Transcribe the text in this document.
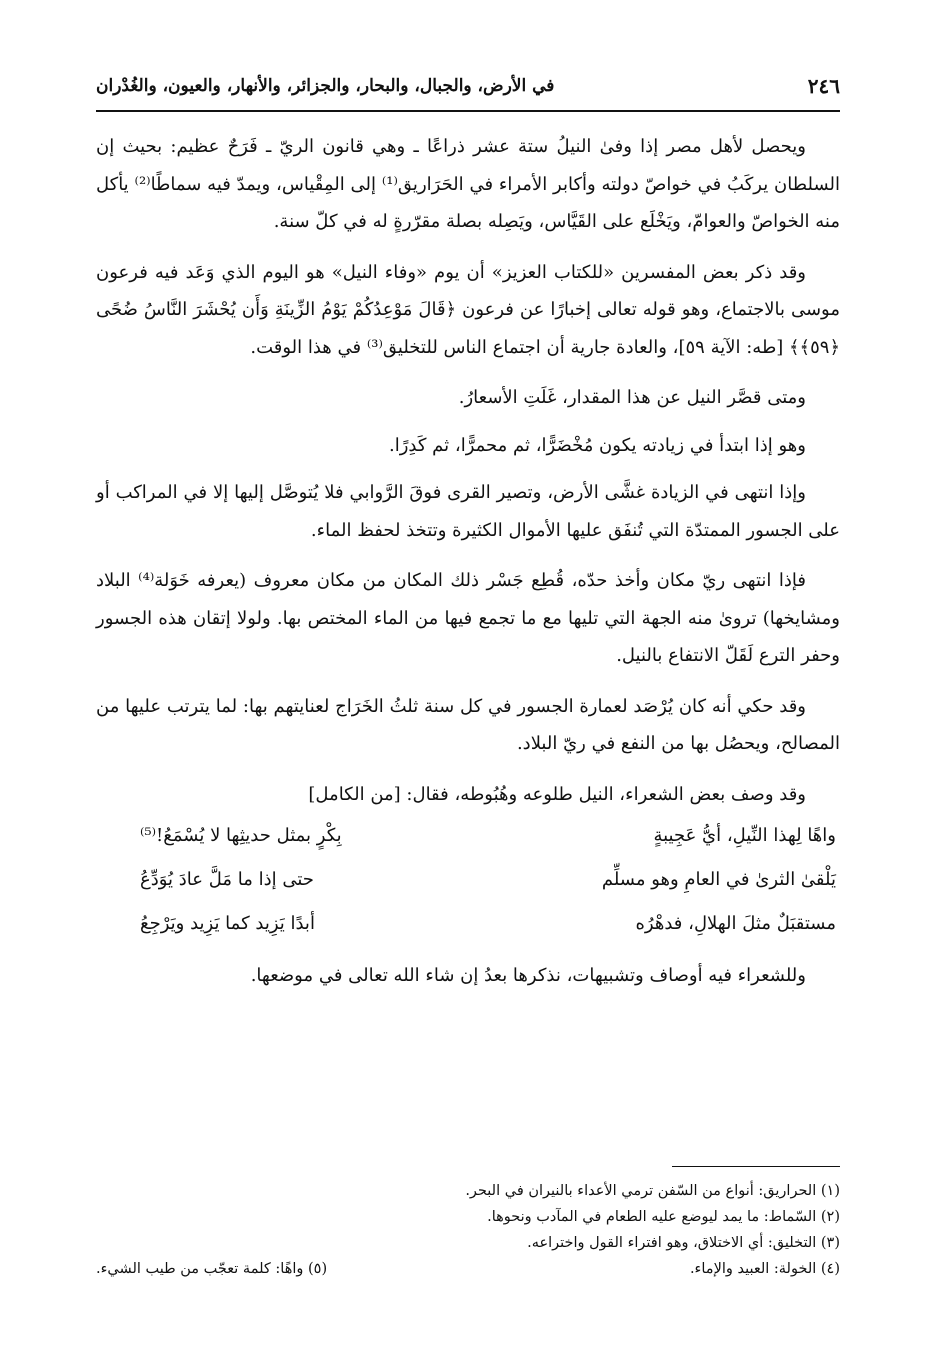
٢٤٦
في الأرض، والجبال، والبحار، والجزائر، والأنهار، والعيون، والغُدْران

ويحصل لأهل مصر إذا وفىٰ النيلُ ستة عشر ذراعًا ـ وهي قانون الريّ ـ فَرَحٌ عظيم: بحيث إن السلطان يركَبُ في خواصّ دولته وأكابر الأمراء في الحَرَاريق⁽¹⁾ إلى المِقْياس، ويمدّ فيه سماطًا⁽²⁾ يأكل منه الخواصّ والعوامّ، ويَخْلَع على القَيَّاس، ويَصِله بصلة مقرّرةٍ له في كلّ سنة.

وقد ذكر بعض المفسرين «للكتاب العزيز» أن يوم «وفاء النيل» هو اليوم الذي وَعَد فيه فرعون موسى بالاجتماع، وهو قوله تعالى إخبارًا عن فرعون ﴿قَالَ مَوْعِدُكُمْ يَوْمُ الزِّينَةِ وَأَن يُحْشَرَ النَّاسُ ضُحًى ﴿٥٩﴾﴾ [طه: الآية ٥٩]، والعادة جارية أن اجتماع الناس للتخليق⁽³⁾ في هذا الوقت.

ومتى قصَّر النيل عن هذا المقدار، غَلَتِ الأسعارُ.

وهو إذا ابتدأ في زيادته يكون مُخْضَرًّا، ثم محمرًّا، ثم كَدِرًا.

وإذا انتهى في الزيادة غشَّى الأرض، وتصير القرى فوقَ الرَّوابي فلا يُتوصَّل إليها إلا في المراكب أو على الجسور الممتدّة التي تُنفَق عليها الأموال الكثيرة وتتخذ لحفظ الماء.

فإذا انتهى ريّ مكان وأخذ حدّه، قُطِع جَسْر ذلك المكان من مكان معروف (يعرفه خَوَلة⁽⁴⁾ البلاد ومشايخها) ترویٰ منه الجهة التي تليها مع ما تجمع فيها من الماء المختص بها. ولولا إتقان هذه الجسور وحفر الترع لَقَلّ الانتفاع بالنيل.

وقد حكي أنه كان يُرْصَد لعمارة الجسور في كل سنة ثلثُ الخَرَاج لعنايتهم بها: لما يترتب عليها من المصالح، ويحصُل بها من النفع في ريّ البلاد.

وقد وصف بعض الشعراء، النيل طلوعه وهُبُوطه، فقال: [من الكامل]

واهًا لِهذا النِّيلِ، أيُّ عَجِيبةٍ
بِكْرٍ بمثل حديثِها لا يُسْمَعُ!⁽⁵⁾
يَلْقىٰ الثرىٰ في العامِ وهو مسلِّم
حتى إذا ما مَلَّ عادَ يُوَدِّعُ
مستقبَلٌ مثلَ الهلالِ، فدهْرُه
أبدًا يَزِيد كما يَزِيد ويَرْجِعُ

وللشعراء فيه أوصاف وتشبيهات، نذكرها بعدُ إن شاء الله تعالى في موضعها.

(١) الحراريق: أنواع من السّفن ترمي الأعداء بالنيران في البحر.

(٢) السّماط: ما يمد ليوضع عليه الطعام في المآدب ونحوها.

(٣) التخليق: أي الاختلاق، وهو افتراء القول واختراعه.

(٤) الخولة: العبيد والإماء.
(٥) واهًا: كلمة تعجّب من طيب الشيء.
